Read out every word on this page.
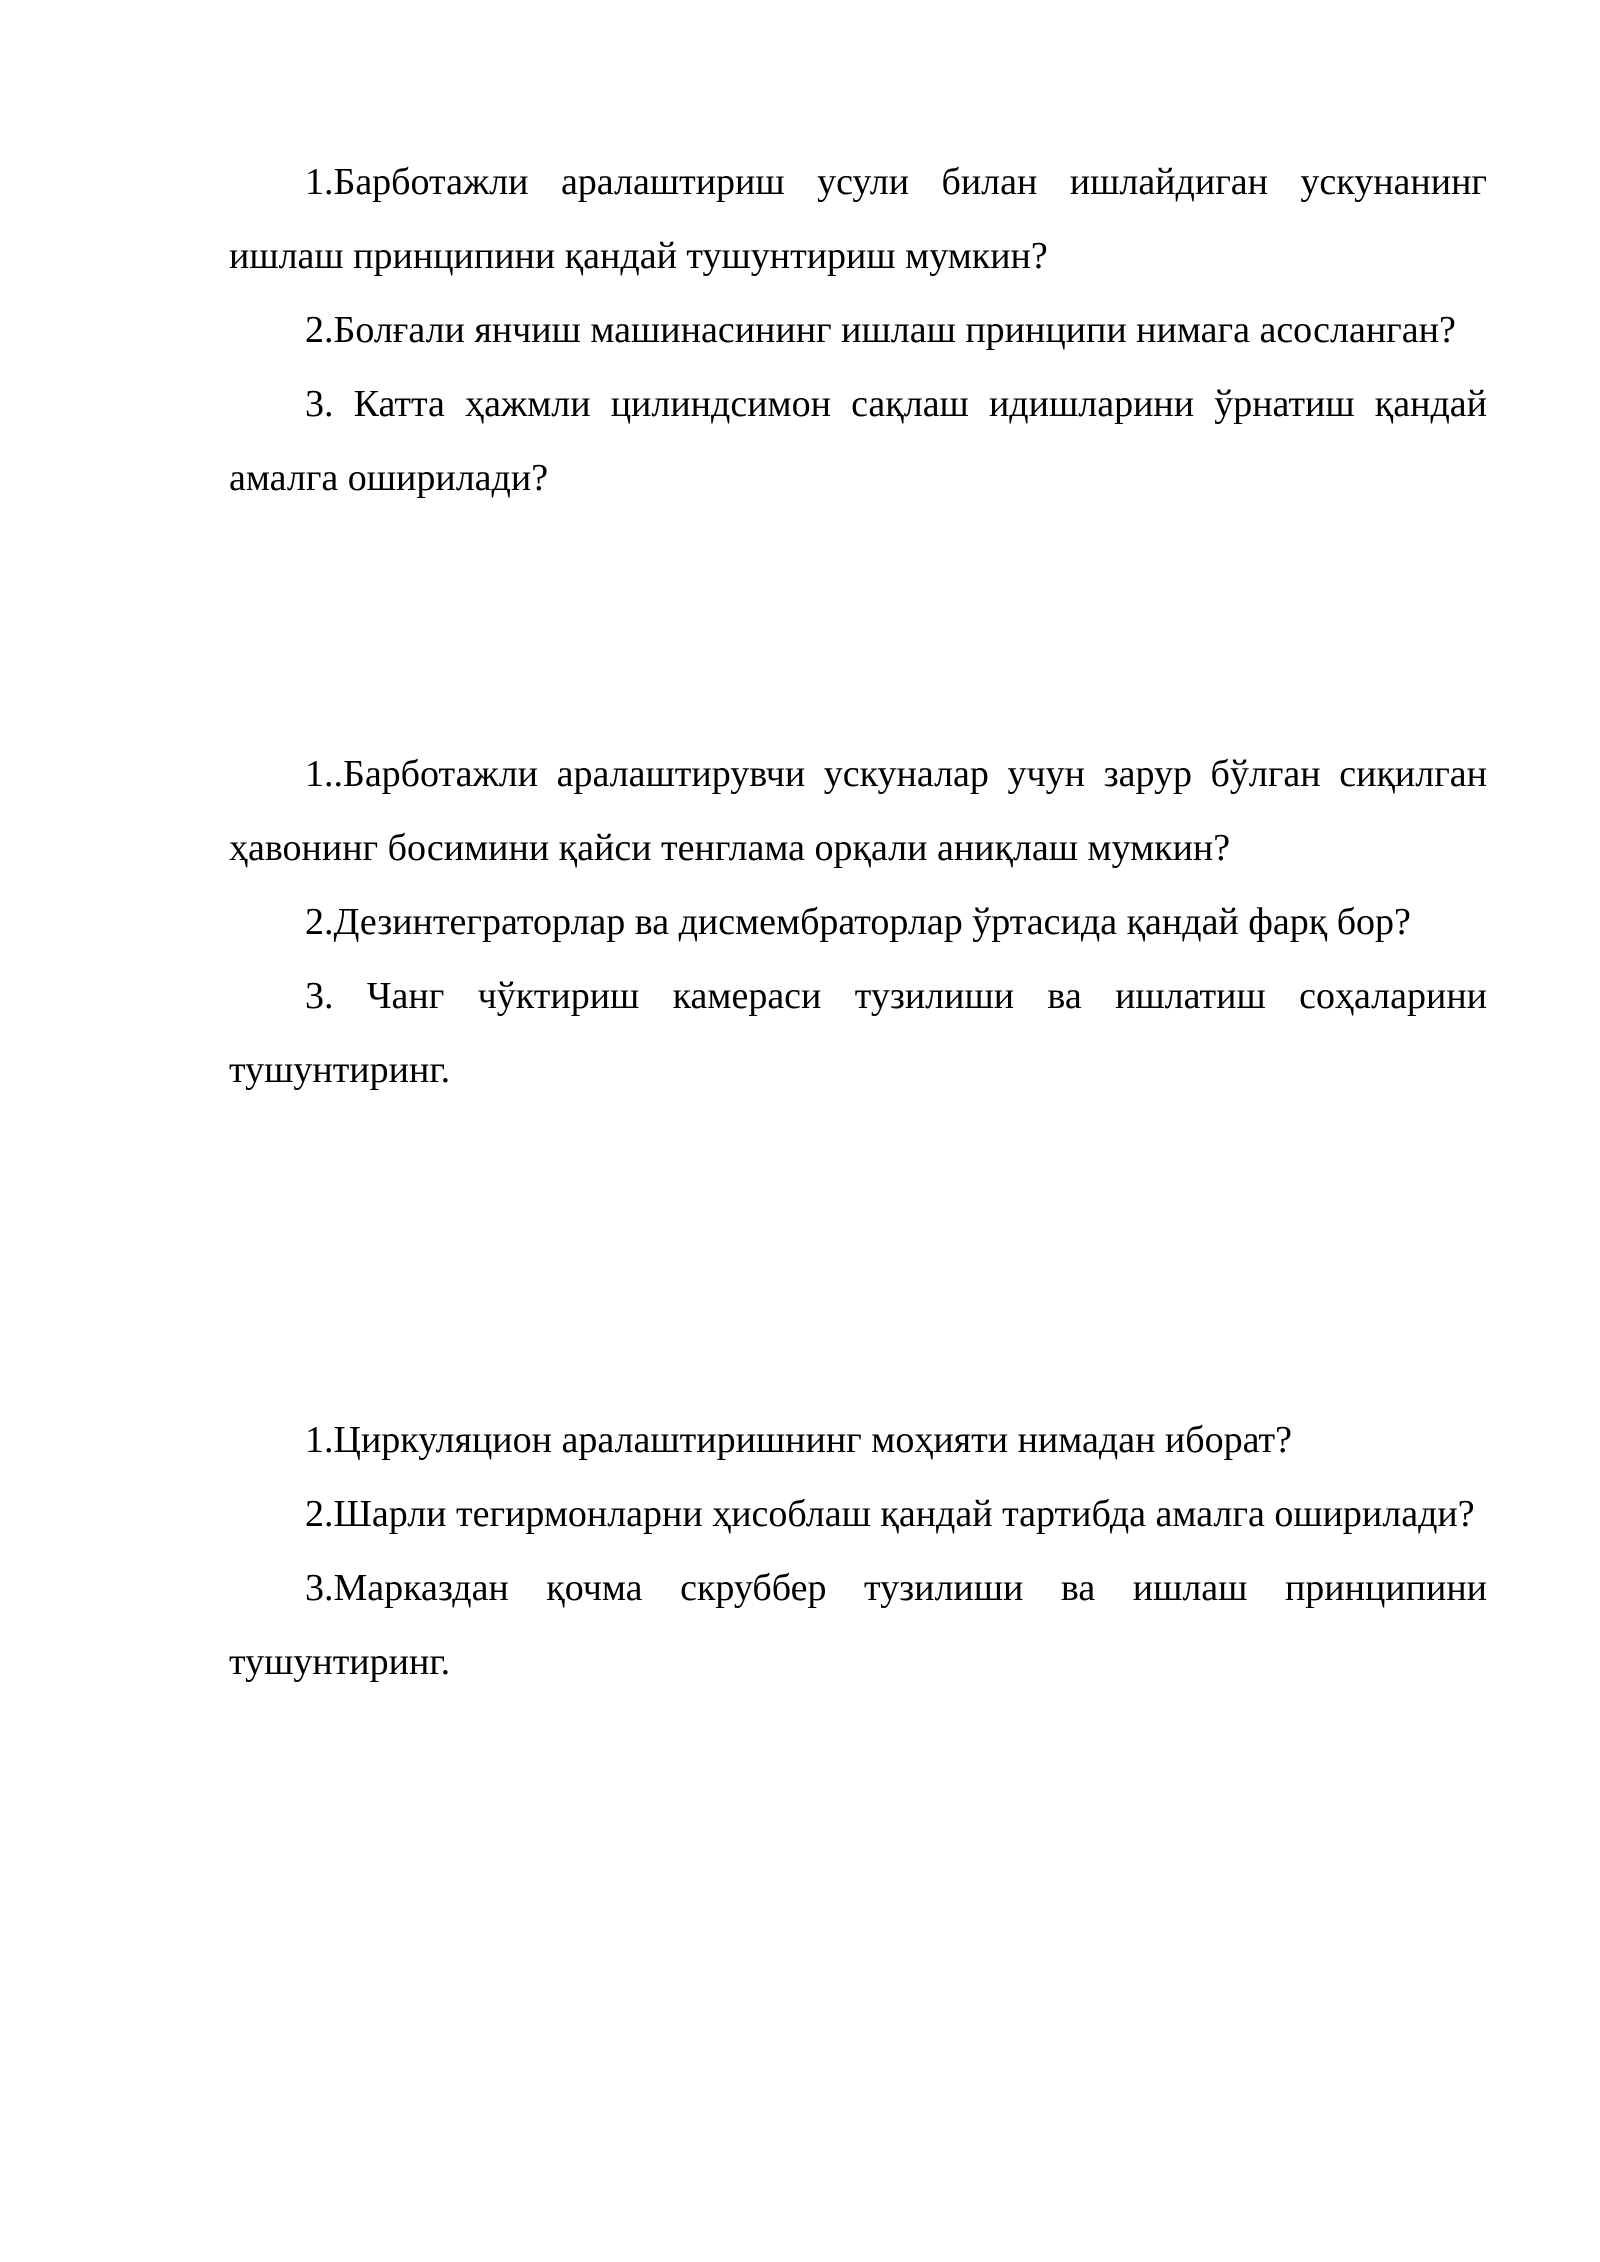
1.Барботажли аралаштириш усули билан ишлайдиган ускунанинг ишлаш принципини қандай тушунтириш мумкин?

2.Болғали янчиш машинасининг ишлаш принципи нимага асосланган?

3. Катта ҳажмли цилиндсимон сақлаш идишларини ўрнатиш қандай амалга оширилади?

1..Барботажли аралаштирувчи ускуналар учун зарур бўлган сиқилган ҳавонинг босимини қайси тенглама орқали аниқлаш мумкин?

2.Дезинтеграторлар ва дисмембраторлар ўртасида қандай фарқ бор?

3. Чанг чўктириш камераси тузилиши ва ишлатиш соҳаларини тушунтиринг.

1.Циркуляцион аралаштиришнинг моҳияти нимадан иборат?

2.Шарли тегирмонларни ҳисоблаш қандай тартибда амалга оширилади?

3.Марказдан қочма скруббер тузилиши ва ишлаш принципини тушунтиринг.
